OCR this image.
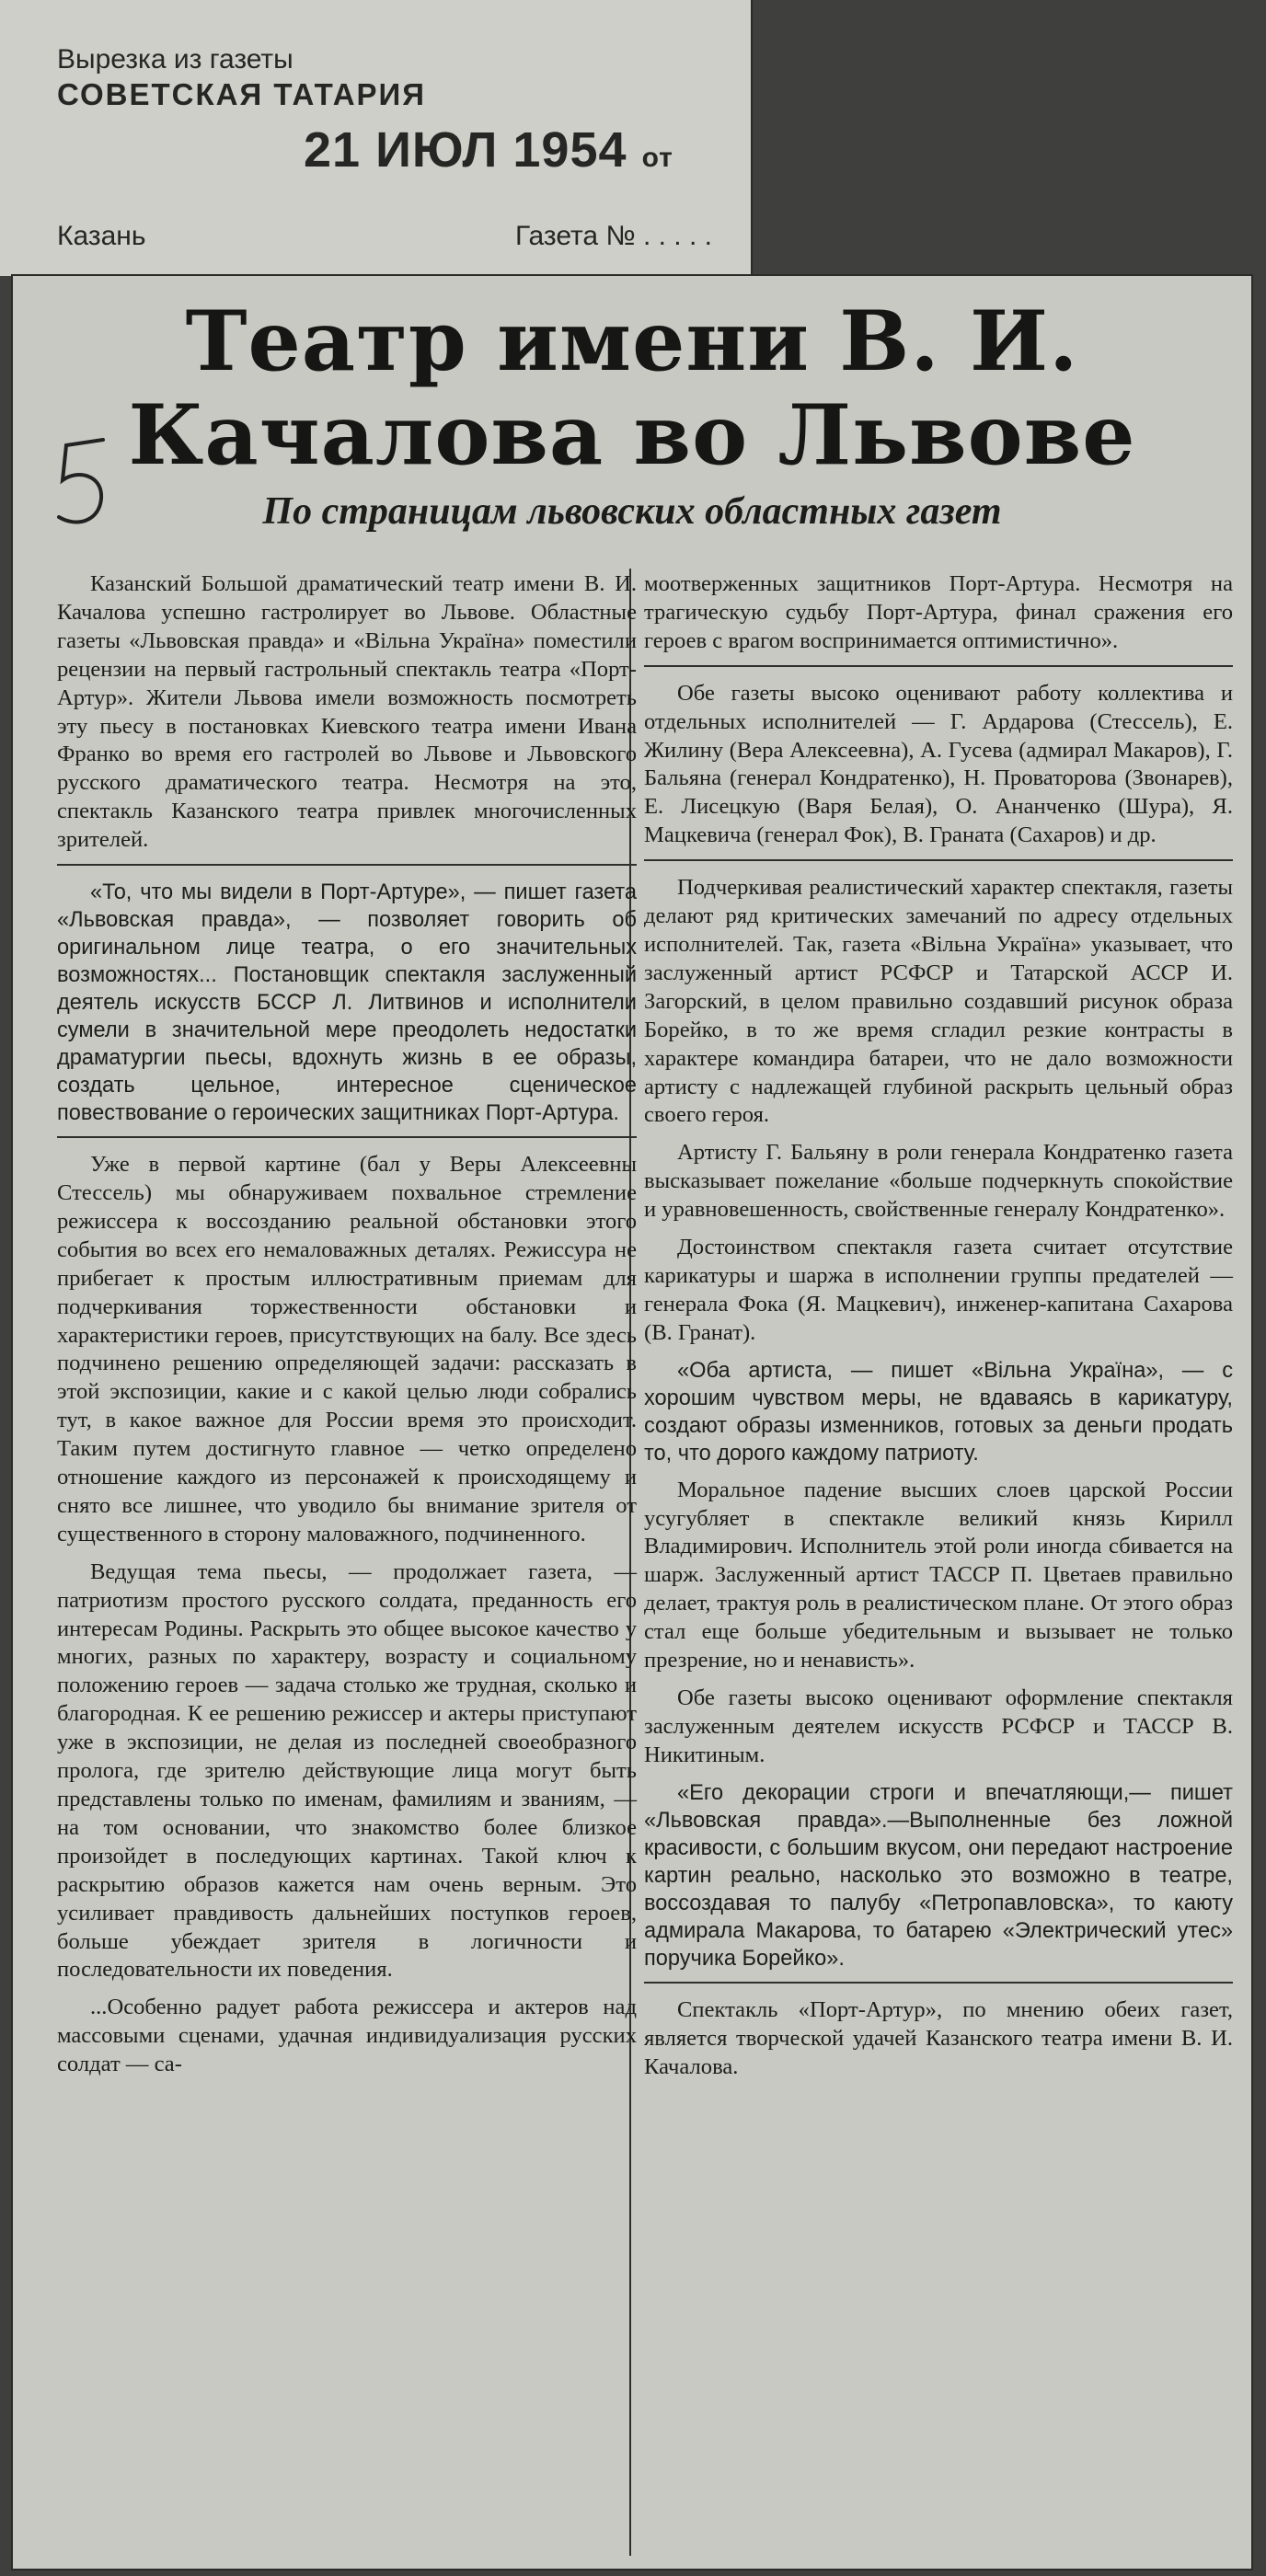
Вырезка из газеты
СОВЕТСКАЯ ТАТАРИЯ
21 ИЮЛ 1954 от
Казань	Газета № . . . . .
Театр имени В. И. Качалова во Львове
По страницам львовских областных газет

Казанский Большой драматический театр имени В. И. Качалова успешно гастролирует во Львове. Областные газеты «Львовская правда» и «Вільна Україна» поместили рецензии на первый гастрольный спектакль театра «Порт-Артур». Жители Львова имели возможность посмотреть эту пьесу в постановках Киевского театра имени Ивана Франко во время его гастролей во Львове и Львовского русского драматического театра. Несмотря на это, спектакль Казанского театра привлек многочисленных зрителей.

«То, что мы видели в Порт-Артуре», — пишет газета «Львовская правда», — позволяет говорить об оригинальном лице театра, о его значительных возможностях... Постановщик спектакля заслуженный деятель искусств БССР Л. Литвинов и исполнители сумели в значительной мере преодолеть недостатки драматургии пьесы, вдохнуть жизнь в ее образы, создать цельное, интересное сценическое повествование о героических защитниках Порт-Артура.

Уже в первой картине (бал у Веры Алексеевны Стессель) мы обнаруживаем похвальное стремление режиссера к воссозданию реальной обстановки этого события во всех его немаловажных деталях. Режиссура не прибегает к простым иллюстративным приемам для подчеркивания торжественности обстановки и характеристики героев, присутствующих на балу. Все здесь подчинено решению определяющей задачи: рассказать в этой экспозиции, какие и с какой целью люди собрались тут, в какое важное для России время это происходит. Таким путем достигнуто главное — четко определено отношение каждого из персонажей к происходящему и снято все лишнее, что уводило бы внимание зрителя от существенного в сторону маловажного, подчиненного.

Ведущая тема пьесы, — продолжает газета, — патриотизм простого русского солдата, преданность его интересам Родины. Раскрыть это общее высокое качество у многих, разных по характеру, возрасту и социальному положению героев — задача столько же трудная, сколько и благородная. К ее решению режиссер и актеры приступают уже в экспозиции, не делая из последней своеобразного пролога, где зрителю действующие лица могут быть представлены только по именам, фамилиям и званиям, — на том основании, что знакомство более близкое произойдет в последующих картинах. Такой ключ к раскрытию образов кажется нам очень верным. Это усиливает правдивость дальнейших поступков героев, больше убеждает зрителя в логичности и последовательности их поведения.

...Особенно радует работа режиссера и актеров над массовыми сценами, удачная индивидуализация русских солдат — са-

моотверженных защитников Порт-Артура. Несмотря на трагическую судьбу Порт-Артура, финал сражения его героев с врагом воспринимается оптимистично».

Обе газеты высоко оценивают работу коллектива и отдельных исполнителей — Г. Ардарова (Стессель), Е. Жилину (Вера Алексеевна), А. Гусева (адмирал Макаров), Г. Бальяна (генерал Кондратенко), Н. Проваторова (Звонарев), Е. Лисецкую (Варя Белая), О. Ананченко (Шура), Я. Мацкевича (генерал Фок), В. Граната (Сахаров) и др.

Подчеркивая реалистический характер спектакля, газеты делают ряд критических замечаний по адресу отдельных исполнителей. Так, газета «Вільна Україна» указывает, что заслуженный артист РСФСР и Татарской АССР И. Загорский, в целом правильно создавший рисунок образа Борейко, в то же время сгладил резкие контрасты в характере командира батареи, что не дало возможности артисту с надлежащей глубиной раскрыть цельный образ своего героя.

Артисту Г. Бальяну в роли генерала Кондратенко газета высказывает пожелание «больше подчеркнуть спокойствие и уравновешенность, свойственные генералу Кондратенко».

Достоинством спектакля газета считает отсутствие карикатуры и шаржа в исполнении группы предателей — генерала Фока (Я. Мацкевич), инженер-капитана Сахарова (В. Гранат).

«Оба артиста, — пишет «Вільна Україна», — с хорошим чувством меры, не вдаваясь в карикатуру, создают образы изменников, готовых за деньги продать то, что дорого каждому патриоту.

Моральное падение высших слоев царской России усугубляет в спектакле великий князь Кирилл Владимирович. Исполнитель этой роли иногда сбивается на шарж. Заслуженный артист ТАССР П. Цветаев правильно делает, трактуя роль в реалистическом плане. От этого образ стал еще больше убедительным и вызывает не только презрение, но и ненависть».

Обе газеты высоко оценивают оформление спектакля заслуженным деятелем искусств РСФСР и ТАССР В. Никитиным.

«Его декорации строги и впечатляющи,— пишет «Львовская правда».—Выполненные без ложной красивости, с большим вкусом, они передают настроение картин реально, насколько это возможно в театре, воссоздавая то палубу «Петропавловска», то каюту адмирала Макарова, то батарею «Электрический утес» поручика Борейко».

Спектакль «Порт-Артур», по мнению обеих газет, является творческой удачей Казанского театра имени В. И. Качалова.
